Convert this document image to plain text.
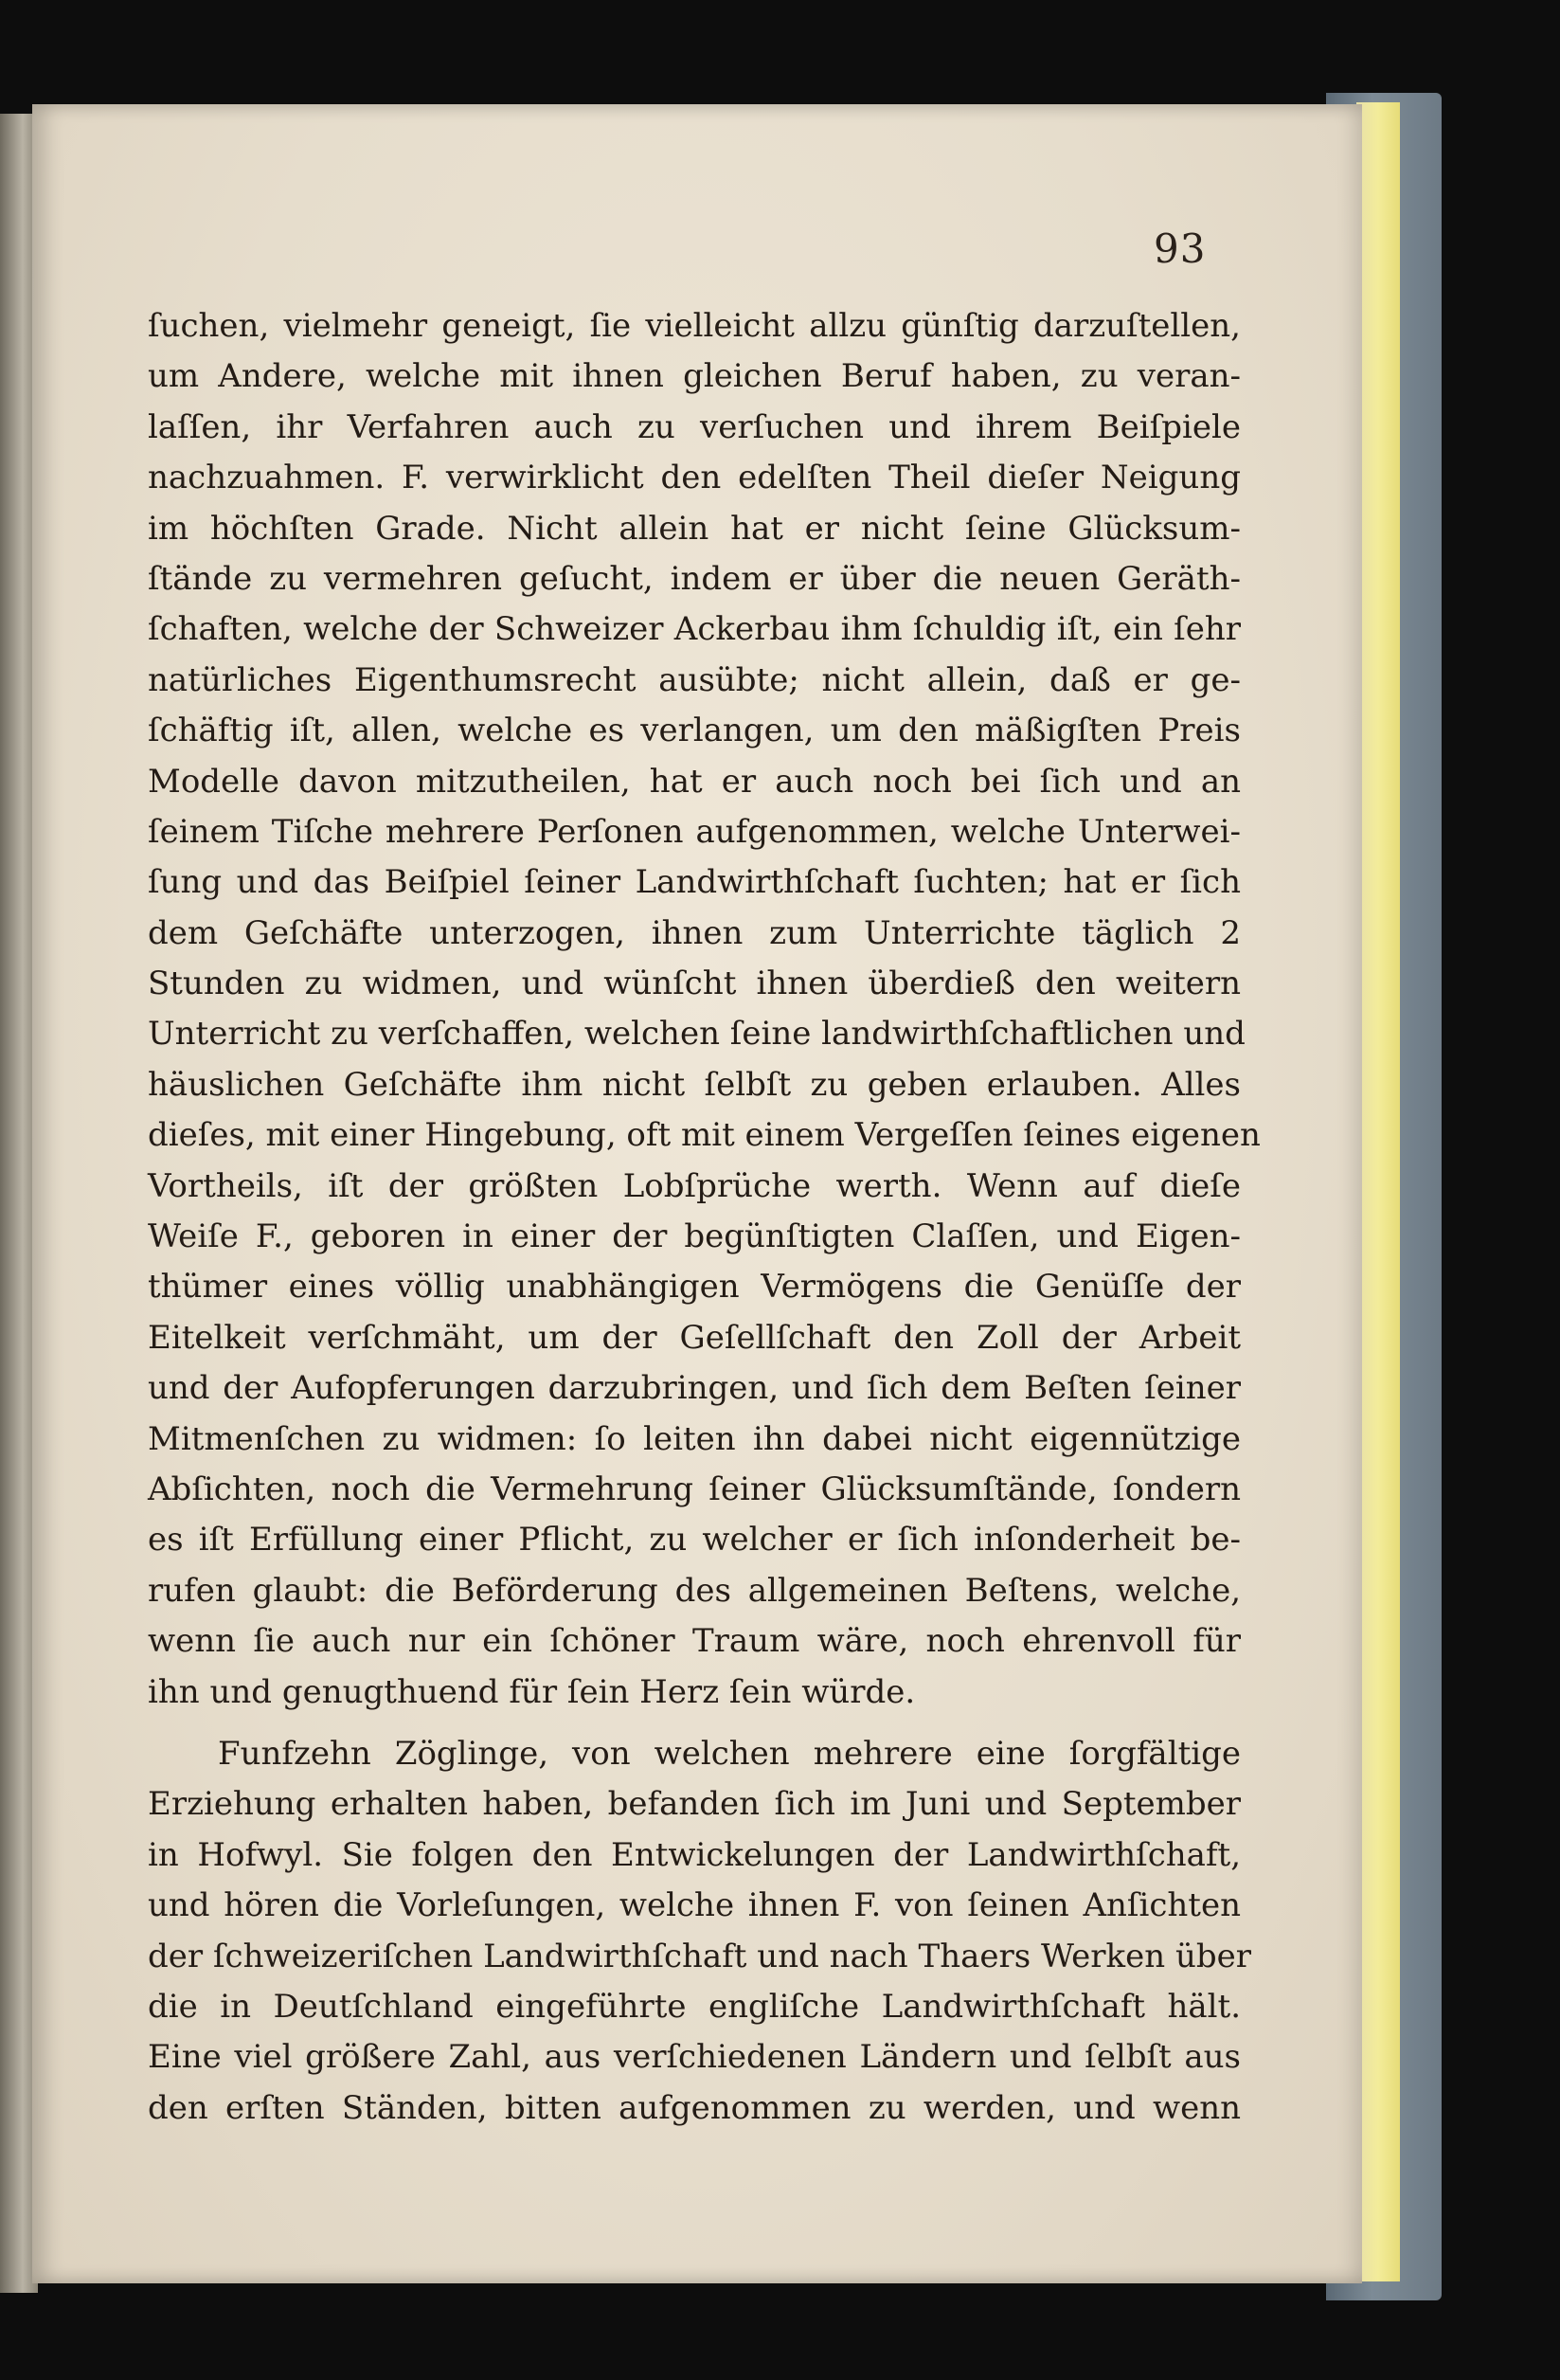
93
ſuchen, vielmehr geneigt, ſie vielleicht allzu günſtig darzuſtellen,
um Andere, welche mit ihnen gleichen Beruf haben, zu veran-
laſſen, ihr Verfahren auch zu verſuchen und ihrem Beiſpiele
nachzuahmen. F. verwirklicht den edelſten Theil dieſer Neigung
im höchſten Grade. Nicht allein hat er nicht ſeine Glücksum-
ſtände zu vermehren geſucht, indem er über die neuen Geräth-
ſchaften, welche der Schweizer Ackerbau ihm ſchuldig iſt, ein ſehr
natürliches Eigenthumsrecht ausübte; nicht allein, daß er ge-
ſchäftig iſt, allen, welche es verlangen, um den mäßigſten Preis
Modelle davon mitzutheilen, hat er auch noch bei ſich und an
ſeinem Tiſche mehrere Perſonen aufgenommen, welche Unterwei-
ſung und das Beiſpiel ſeiner Landwirthſchaft ſuchten; hat er ſich
dem Geſchäfte unterzogen, ihnen zum Unterrichte täglich 2
Stunden zu widmen, und wünſcht ihnen überdieß den weitern
Unterricht zu verſchaffen, welchen ſeine landwirthſchaftlichen und
häuslichen Geſchäfte ihm nicht ſelbſt zu geben erlauben. Alles
dieſes, mit einer Hingebung, oft mit einem Vergeſſen ſeines eigenen
Vortheils, iſt der größten Lobſprüche werth. Wenn auf dieſe
Weiſe F., geboren in einer der begünſtigten Claſſen, und Eigen-
thümer eines völlig unabhängigen Vermögens die Genüſſe der
Eitelkeit verſchmäht, um der Geſellſchaft den Zoll der Arbeit
und der Aufopferungen darzubringen, und ſich dem Beſten ſeiner
Mitmenſchen zu widmen: ſo leiten ihn dabei nicht eigennützige
Abſichten, noch die Vermehrung ſeiner Glücksumſtände, ſondern
es iſt Erfüllung einer Pflicht, zu welcher er ſich inſonderheit be-
rufen glaubt: die Beförderung des allgemeinen Beſtens, welche,
wenn ſie auch nur ein ſchöner Traum wäre, noch ehrenvoll für
ihn und genugthuend für ſein Herz ſein würde.
Funfzehn Zöglinge, von welchen mehrere eine ſorgfältige
Erziehung erhalten haben, befanden ſich im Juni und September
in Hofwyl. Sie folgen den Entwickelungen der Landwirthſchaft,
und hören die Vorleſungen, welche ihnen F. von ſeinen Anſichten
der ſchweizeriſchen Landwirthſchaft und nach Thaers Werken über
die in Deutſchland eingeführte engliſche Landwirthſchaft hält.
Eine viel größere Zahl, aus verſchiedenen Ländern und ſelbſt aus
den erſten Ständen, bitten aufgenommen zu werden, und wenn
